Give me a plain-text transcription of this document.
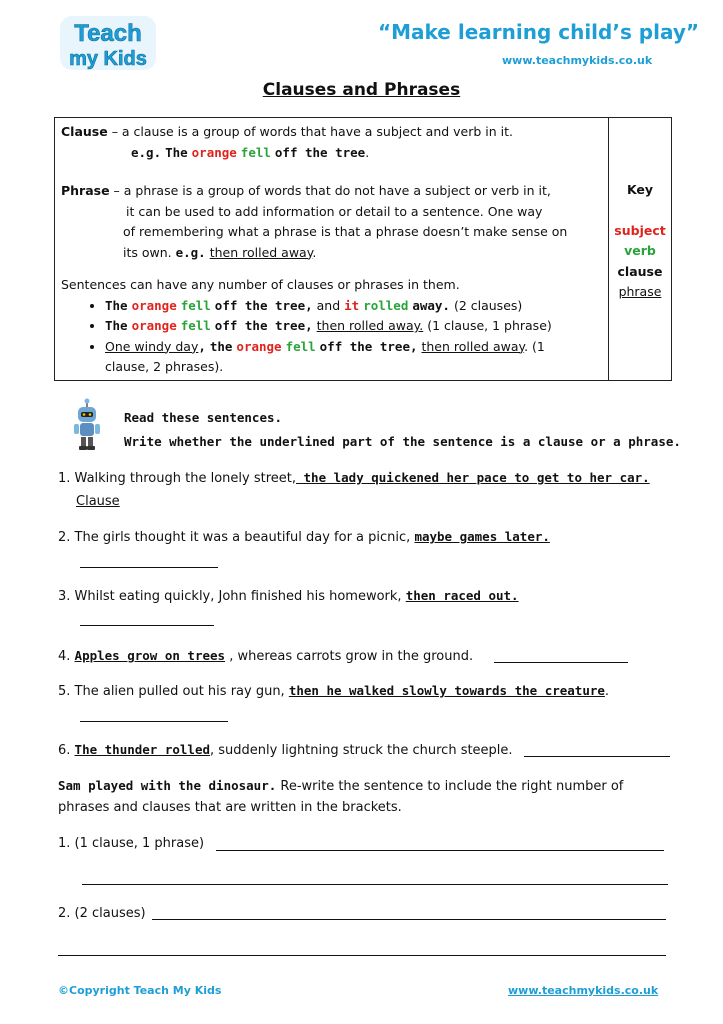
Teach
my Kids
“Make learning child’s play”
www.teachmykids.co.uk
Clauses and Phrases
Clause – a clause is a group of words that have a subject and verb in it.
e.g. The orange fell off the tree.
Phrase – a phrase is a group of words that do not have a subject or verb in it,
it can be used to add information or detail to a sentence. One way
of remembering what a phrase is that a phrase doesn’t make sense on
its own. e.g. then rolled away.
Sentences can have any number of clauses or phrases in them.
• The orange fell off the tree, and it rolled away. (2 clauses)
• The orange fell off the tree, then rolled away. (1 clause, 1 phrase)
• One windy day, the orange fell off the tree, then rolled away. (1
clause, 2 phrases).

Key
subject
verb
clause
phrase
Read these sentences.
Write whether the underlined part of the sentence is a clause or a phrase.
1. Walking through the lonely street, the lady quickened her pace to get to her car.
Clause
2. The girls thought it was a beautiful day for a picnic, maybe games later.
3. Whilst eating quickly, John finished his homework, then raced out.
4. Apples grow on trees , whereas carrots grow in the ground.
5. The alien pulled out his ray gun, then he walked slowly towards the creature.
6. The thunder rolled, suddenly lightning struck the church steeple.
Sam played with the dinosaur. Re-write the sentence to include the right number of
phrases and clauses that are written in the brackets.
1. (1 clause, 1 phrase)
2. (2 clauses)
©Copyright Teach My Kids	www.teachmykids.co.uk
